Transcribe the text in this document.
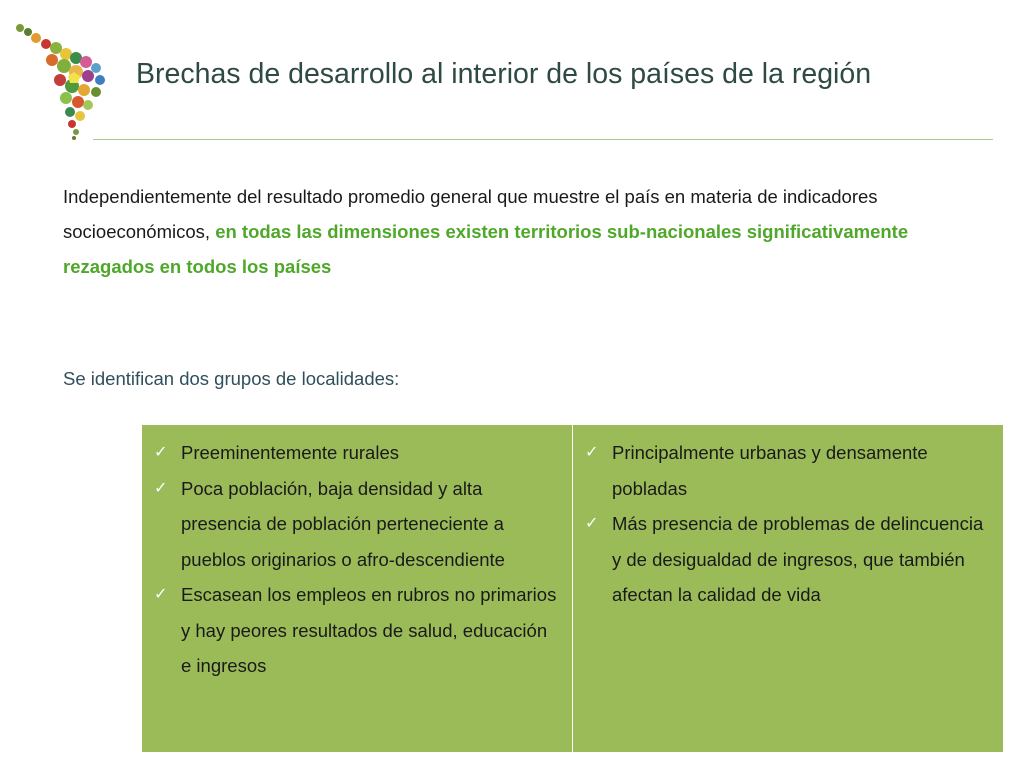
Brechas de desarrollo al interior de los países de la región
Independientemente del resultado promedio general que muestre el país en materia de indicadores socioeconómicos, en todas las dimensiones existen territorios sub-nacionales significativamente rezagados en todos los países
Se identifican dos grupos de localidades:
✓ Preeminentemente rurales
✓ Poca población, baja densidad y alta presencia de población perteneciente a pueblos originarios o afro-descendiente
✓ Escasean los empleos en rubros no primarios y hay peores resultados de salud, educación e ingresos
✓ Principalmente urbanas y densamente pobladas
✓ Más presencia de problemas de delincuencia y de desigualdad de ingresos, que también afectan la calidad de vida
